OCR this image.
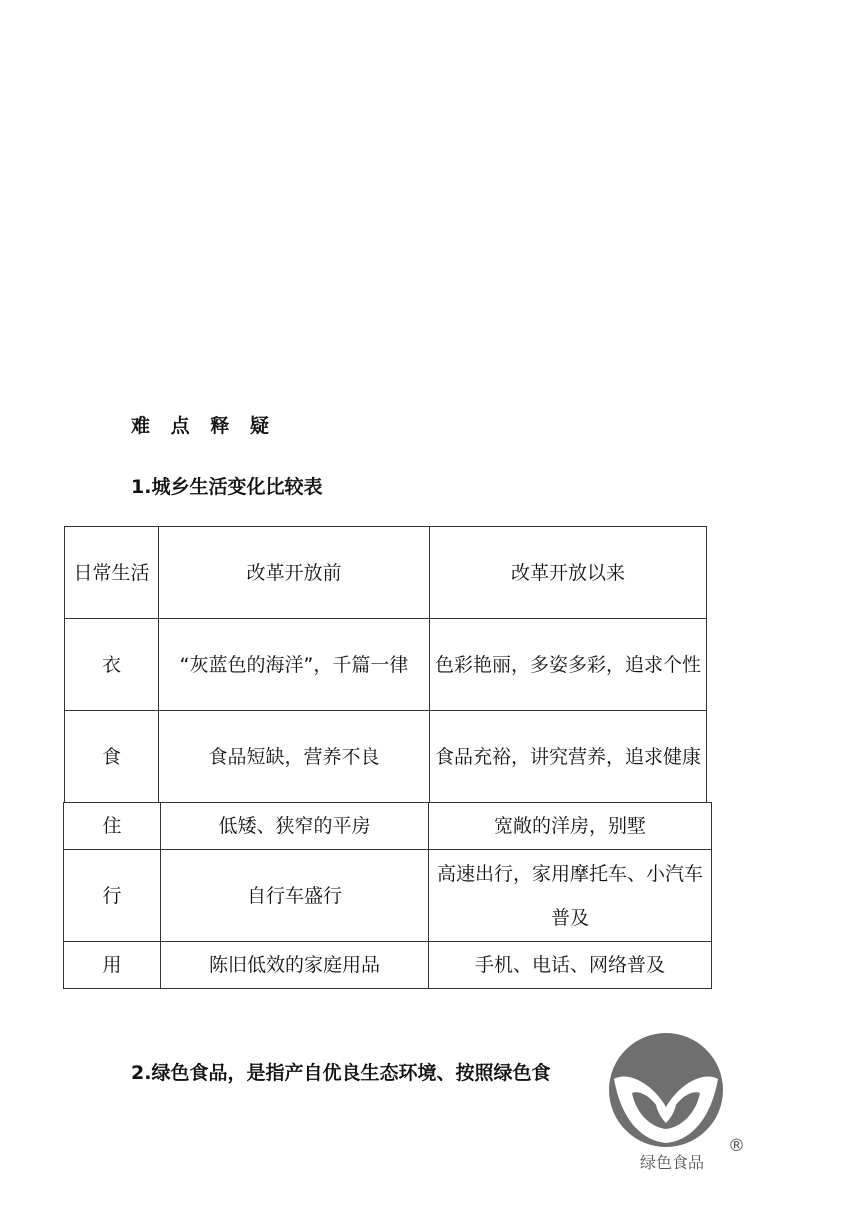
难 点 释 疑
1.城乡生活变化比较表
日常生活	改革开放前	改革开放以来
衣	“灰蓝色的海洋”，千篇一律	色彩艳丽，多姿多彩，追求个性
食	食品短缺，营养不良	食品充裕，讲究营养，追求健康
住	低矮、狭窄的平房	宽敞的洋房，别墅
行	自行车盛行	高速出行，家用摩托车、小汽车普及
用	陈旧低效的家庭用品	手机、电话、网络普及
2.绿色食品，是指产自优良生态环境、按照绿色食
绿色食品
®
